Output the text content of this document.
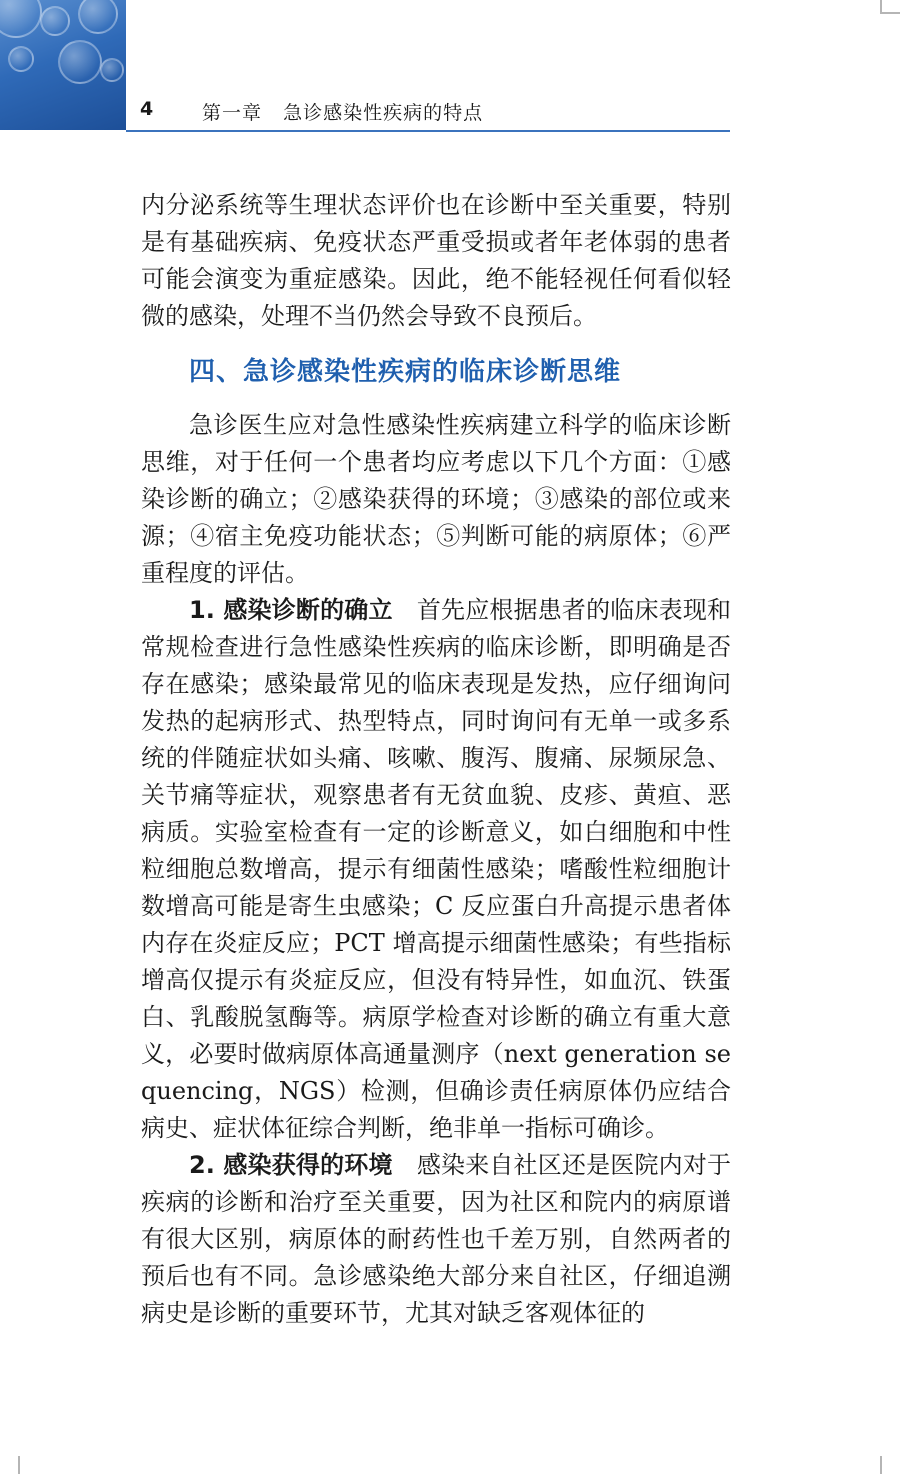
4	第一章   急诊感染性疾病的特点

内分泌系统等生理状态评价也在诊断中至关重要，特别是有基础疾病、免疫状态严重受损或者年老体弱的患者可能会演变为重症感染。因此，绝不能轻视任何看似轻微的感染，处理不当仍然会导致不良预后。

四、急诊感染性疾病的临床诊断思维

急诊医生应对急性感染性疾病建立科学的临床诊断思维，对于任何一个患者均应考虑以下几个方面：①感染诊断的确立；②感染获得的环境；③感染的部位或来源；④宿主免疫功能状态；⑤判断可能的病原体；⑥严重程度的评估。

1. 感染诊断的确立　 首先应根据患者的临床表现和常规检查进行急性感染性疾病的临床诊断，即明确是否存在感染；感染最常见的临床表现是发热，应仔细询问发热的起病形式、热型特点，同时询问有无单一或多系统的伴随症状如头痛、咳嗽、腹泻、腹痛、尿频尿急、关节痛等症状，观察患者有无贫血貌、皮疹、黄疸、恶病质。实验室检查有一定的诊断意义，如白细胞和中性粒细胞总数增高，提示有细菌性感染；嗜酸性粒细胞计数增高可能是寄生虫感染；C 反应蛋白升高提示患者体内存在炎症反应；PCT 增高提示细菌性感染；有些指标增高仅提示有炎症反应，但没有特异性，如血沉、铁蛋白、乳酸脱氢酶等。病原学检查对诊断的确立有重大意义，必要时做病原体高通量测序（next generation sequencing，NGS）检测，但确诊责任病原体仍应结合病史、症状体征综合判断，绝非单一指标可确诊。

2. 感染获得的环境　 感染来自社区还是医院内对于疾病的诊断和治疗至关重要，因为社区和院内的病原谱有很大区别，病原体的耐药性也千差万别，自然两者的预后也有不同。急诊感染绝大部分来自社区，仔细追溯病史是诊断的重要环节，尤其对缺乏客观体征的
